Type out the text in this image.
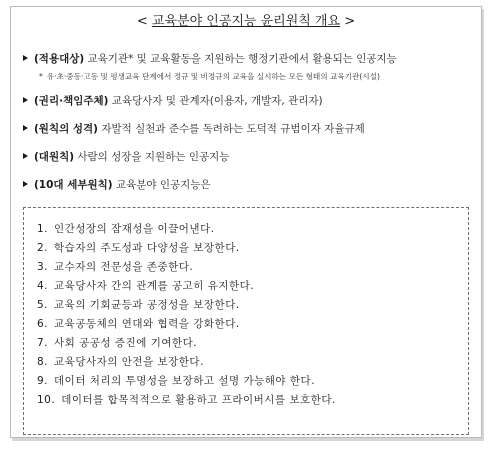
< 교육분야 인공지능 윤리원칙 개요 >
(적용대상) 교육기관* 및 교육활동을 지원하는 행정기관에서 활용되는 인공지능
* 유·초·중등·고등 및 평생교육 단계에서 정규 및 비정규의 교육을 실시하는 모든 형태의 교육기관(시설)
(권리·책임주체) 교육당사자 및 관계자(이용자, 개발자, 관리자)
(원칙의 성격) 자발적 실천과 준수를 독려하는 도덕적 규범이자 자율규제
(대원칙) 사람의 성장을 지원하는 인공지능
(10대 세부원칙) 교육분야 인공지능은
1. 인간성장의 잠재성을 이끌어낸다.
2. 학습자의 주도성과 다양성을 보장한다.
3. 교수자의 전문성을 존중한다.
4. 교육당사자 간의 관계를 공고히 유지한다.
5. 교육의 기회균등과 공정성을 보장한다.
6. 교육공동체의 연대와 협력을 강화한다.
7. 사회 공공성 증진에 기여한다.
8. 교육당사자의 안전을 보장한다.
9. 데이터 처리의 투명성을 보장하고 설명 가능해야 한다.
10. 데이터를 합목적적으로 활용하고 프라이버시를 보호한다.
